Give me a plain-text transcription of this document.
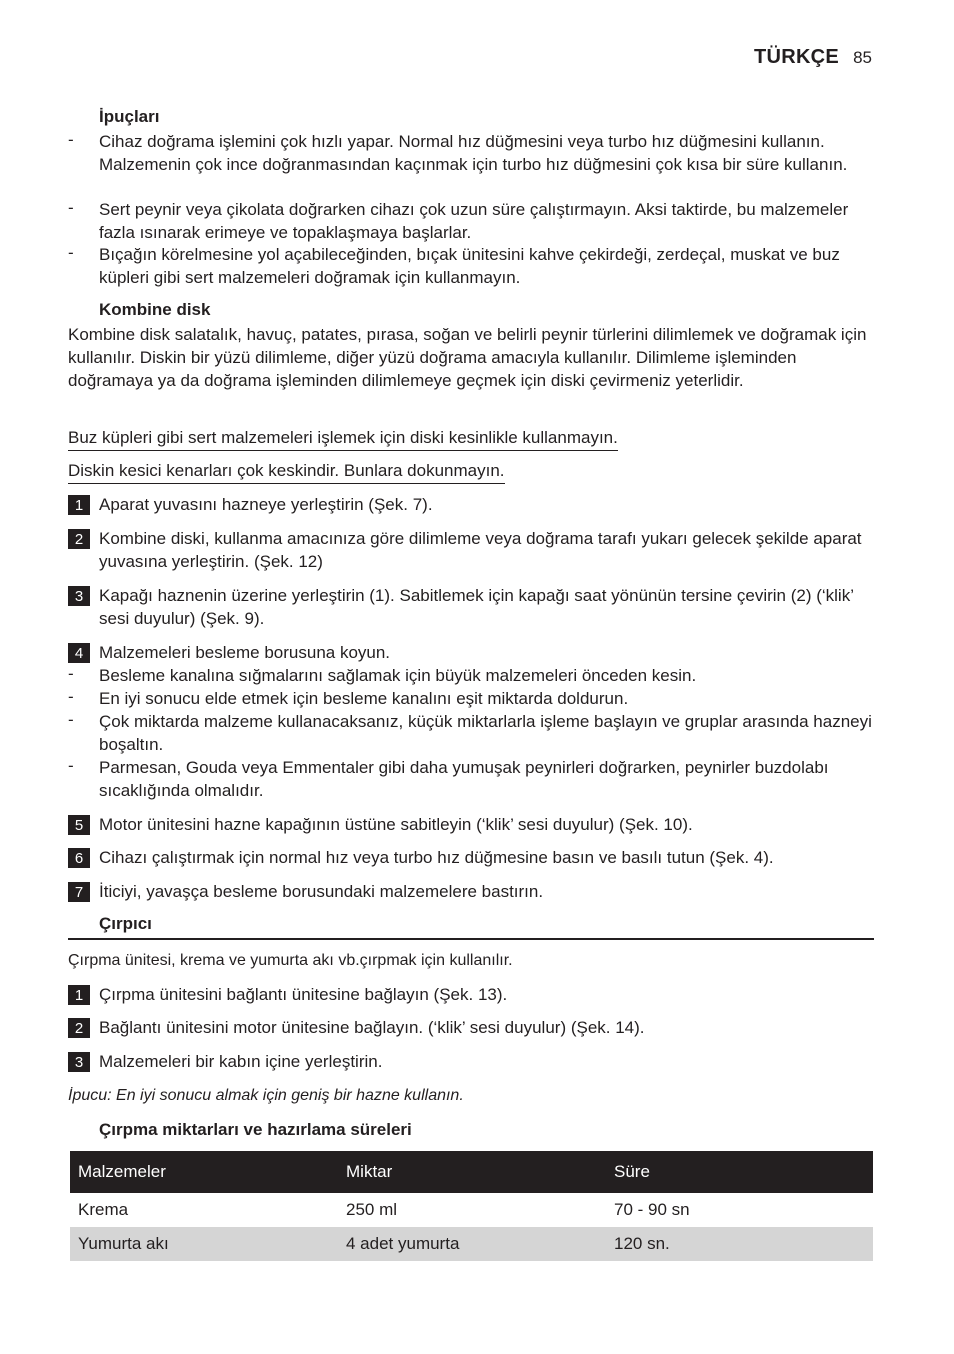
TÜRKÇE 85
İpuçları
-	Cihaz doğrama işlemini çok hızlı yapar. Normal hız düğmesini veya turbo hız düğmesini kullanın. Malzemenin çok ince doğranmasından kaçınmak için turbo hız düğmesini çok kısa bir süre kullanın.
-	Sert peynir veya çikolata doğrarken cihazı çok uzun süre çalıştırmayın. Aksi taktirde, bu malzemeler fazla ısınarak erimeye ve topaklaşmaya başlarlar.
-	Bıçağın körelmesine yol açabileceğinden, bıçak ünitesini kahve çekirdeği, zerdeçal, muskat ve buz küpleri gibi sert malzemeleri doğramak için kullanmayın.
Kombine disk
Kombine disk salatalık, havuç, patates, pırasa, soğan ve belirli peynir türlerini dilimlemek ve doğramak için kullanılır. Diskin bir yüzü dilimleme, diğer yüzü doğrama amacıyla kullanılır. Dilimleme işleminden doğramaya ya da doğrama işleminden dilimlemeye geçmek için diski çevirmeniz yeterlidir.
Buz küpleri gibi sert malzemeleri işlemek için diski kesinlikle kullanmayın.
Diskin kesici kenarları çok keskindir. Bunlara dokunmayın.
1 Aparat yuvasını hazneye yerleştirin (Şek. 7).
2 Kombine diski, kullanma amacınıza göre dilimleme veya doğrama tarafı yukarı gelecek şekilde aparat yuvasına yerleştirin. (Şek. 12)
3 Kapağı haznenin üzerine yerleştirin (1). Sabitlemek için kapağı saat yönünün tersine çevirin (2) (‘klik’ sesi duyulur) (Şek. 9).
4 Malzemeleri besleme borusuna koyun.
-	Besleme kanalına sığmalarını sağlamak için büyük malzemeleri önceden kesin.
-	En iyi sonucu elde etmek için besleme kanalını eşit miktarda doldurun.
-	Çok miktarda malzeme kullanacaksanız, küçük miktarlarla işleme başlayın ve gruplar arasında hazneyi boşaltın.
-	Parmesan, Gouda veya Emmentaler gibi daha yumuşak peynirleri doğrarken, peynirler buzdolabı sıcaklığında olmalıdır.
5 Motor ünitesini hazne kapağının üstüne sabitleyin (‘klik’ sesi duyulur) (Şek. 10).
6 Cihazı çalıştırmak için normal hız veya turbo hız düğmesine basın ve basılı tutun (Şek. 4).
7 İticiyi, yavaşça besleme borusundaki malzemelere bastırın.
Çırpıcı
Çırpma ünitesi, krema ve yumurta akı vb.çırpmak için kullanılır.
1 Çırpma ünitesini bağlantı ünitesine bağlayın (Şek. 13).
2 Bağlantı ünitesini motor ünitesine bağlayın. (‘klik’ sesi duyulur) (Şek. 14).
3 Malzemeleri bir kabın içine yerleştirin.
İpucu: En iyi sonucu almak için geniş bir hazne kullanın.
Çırpma miktarları ve hazırlama süreleri
Malzemeler	Miktar	Süre
Krema	250 ml	70 - 90 sn
Yumurta akı	4 adet yumurta	120 sn.
